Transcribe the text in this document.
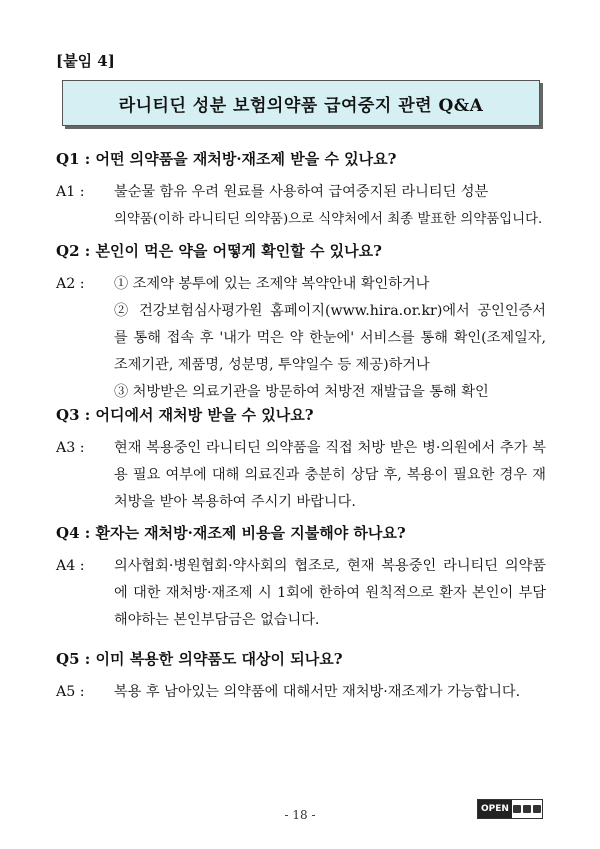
[붙임 4]
라니티딘 성분 보험의약품 급여중지 관련 Q&A
Q1 : 어떤 의약품을 재처방·재조제 받을 수 있나요?
A1 :	불순물 함유 우려 원료를 사용하여 급여중지된 라니티딘 성분
의약품(이하 라니티딘 의약품)으로 식약처에서 최종 발표한 의약품입니다.
Q2 : 본인이 먹은 약을 어떻게 확인할 수 있나요?
A2 :	① 조제약 봉투에 있는 조제약 복약안내 확인하거나
② 건강보험심사평가원 홈페이지(www.hira.or.kr)에서 공인인증서를 통해 접속 후 '내가 먹은 약 한눈에' 서비스를 통해 확인(조제일자, 조제기관, 제품명, 성분명, 투약일수 등 제공)하거나
③ 처방받은 의료기관을 방문하여 처방전 재발급을 통해 확인
Q3 : 어디에서 재처방 받을 수 있나요?
A3 :	현재 복용중인 라니티딘 의약품을 직접 처방 받은 병·의원에서 추가 복용 필요 여부에 대해 의료진과 충분히 상담 후, 복용이 필요한 경우 재처방을 받아 복용하여 주시기 바랍니다.
Q4 : 환자는 재처방·재조제 비용을 지불해야 하나요?
A4 :	의사협회·병원협회·약사회의 협조로, 현재 복용중인 라니티딘 의약품에 대한 재처방·재조제 시 1회에 한하여 원칙적으로 환자 본인이 부담해야하는 본인부담금은 없습니다.
Q5 : 이미 복용한 의약품도 대상이 되나요?
A5 :	복용 후 남아있는 의약품에 대해서만 재처방·재조제가 가능합니다.
- 18 -	OPEN
